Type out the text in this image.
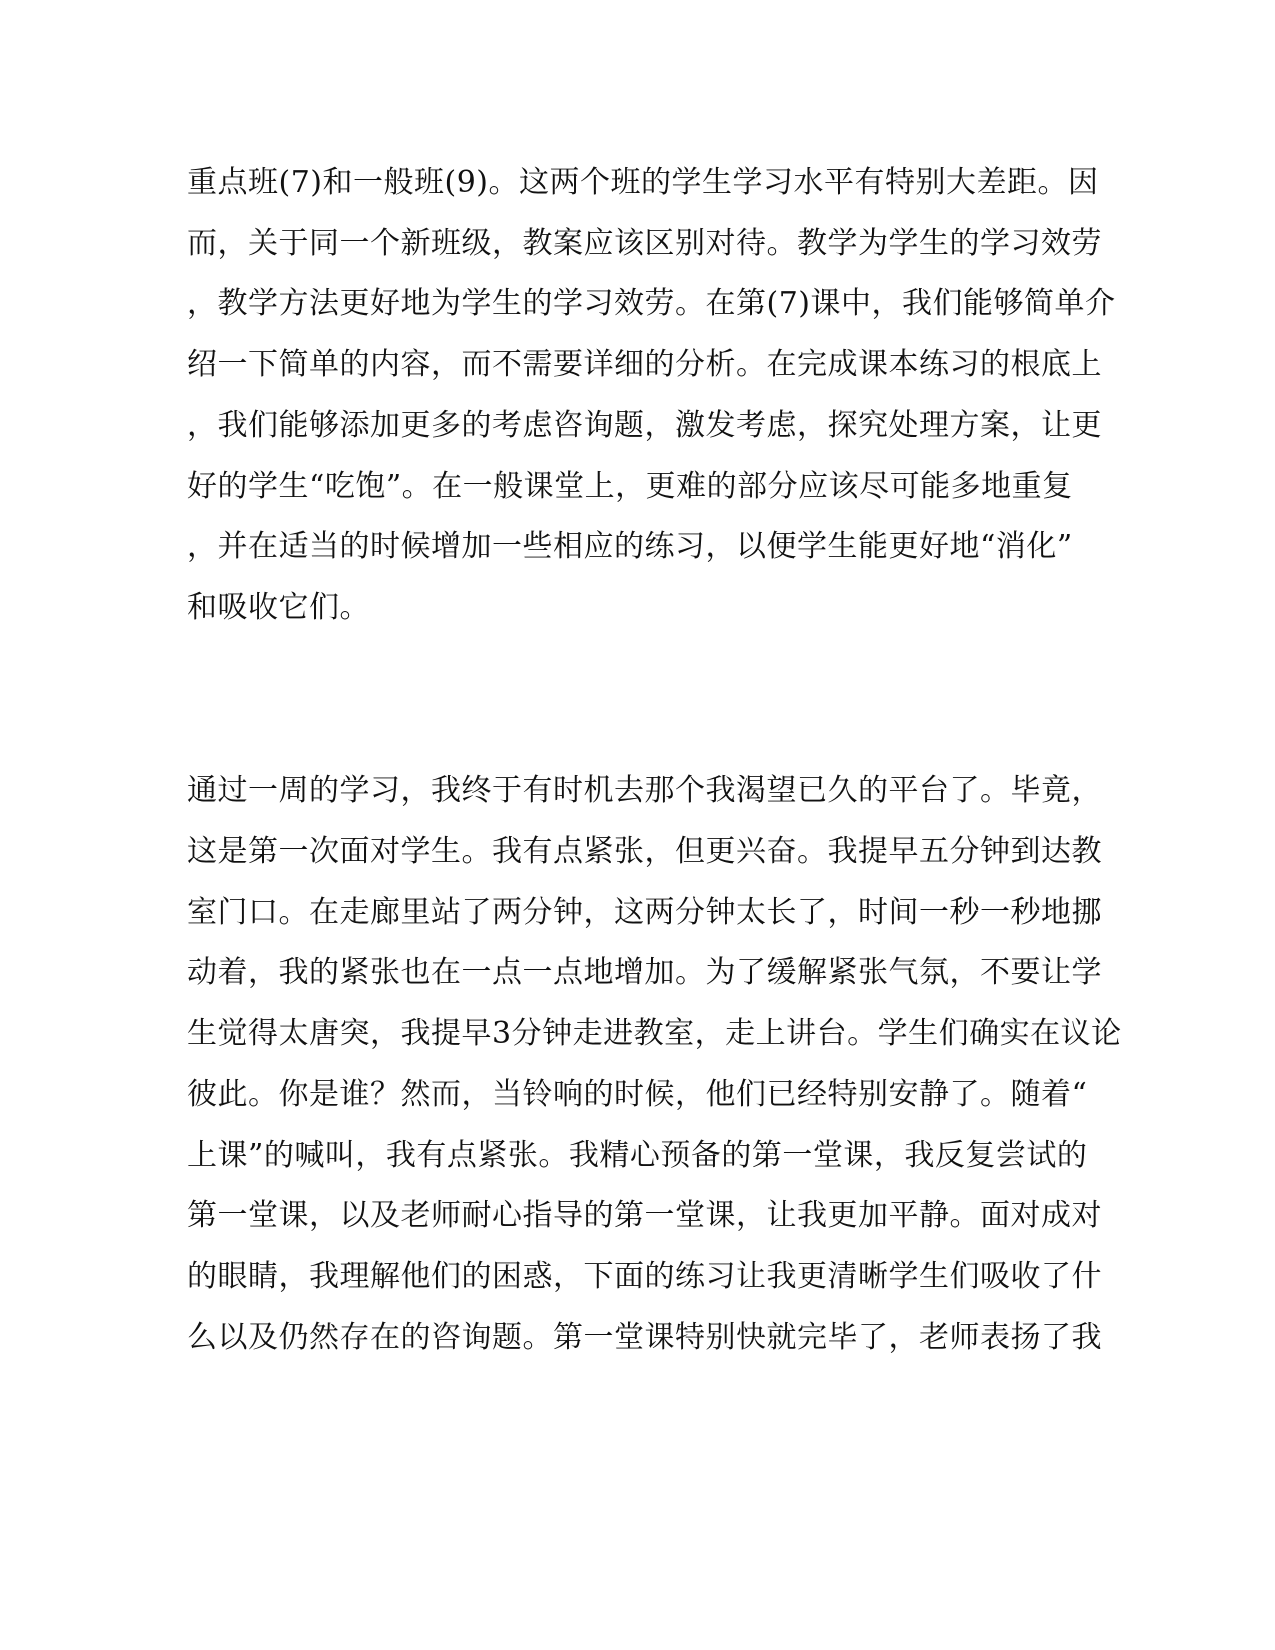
重点班(7)和一般班(9)。这两个班的学生学习水平有特别大差距。因
而，关于同一个新班级，教案应该区别对待。教学为学生的学习效劳
，教学方法更好地为学生的学习效劳。在第(7)课中，我们能够简单介
绍一下简单的内容，而不需要详细的分析。在完成课本练习的根底上
，我们能够添加更多的考虑咨询题，激发考虑，探究处理方案，让更
好的学生“吃饱”。在一般课堂上，更难的部分应该尽可能多地重复
，并在适当的时候增加一些相应的练习，以便学生能更好地“消化”
和吸收它们。
通过一周的学习，我终于有时机去那个我渴望已久的平台了。毕竟，
这是第一次面对学生。我有点紧张，但更兴奋。我提早五分钟到达教
室门口。在走廊里站了两分钟，这两分钟太长了，时间一秒一秒地挪
动着，我的紧张也在一点一点地增加。为了缓解紧张气氛，不要让学
生觉得太唐突，我提早3分钟走进教室，走上讲台。学生们确实在议论
彼此。你是谁？然而，当铃响的时候，他们已经特别安静了。随着“
上课”的喊叫，我有点紧张。我精心预备的第一堂课，我反复尝试的
第一堂课，以及老师耐心指导的第一堂课，让我更加平静。面对成对
的眼睛，我理解他们的困惑，下面的练习让我更清晰学生们吸收了什
么以及仍然存在的咨询题。第一堂课特别快就完毕了，老师表扬了我
